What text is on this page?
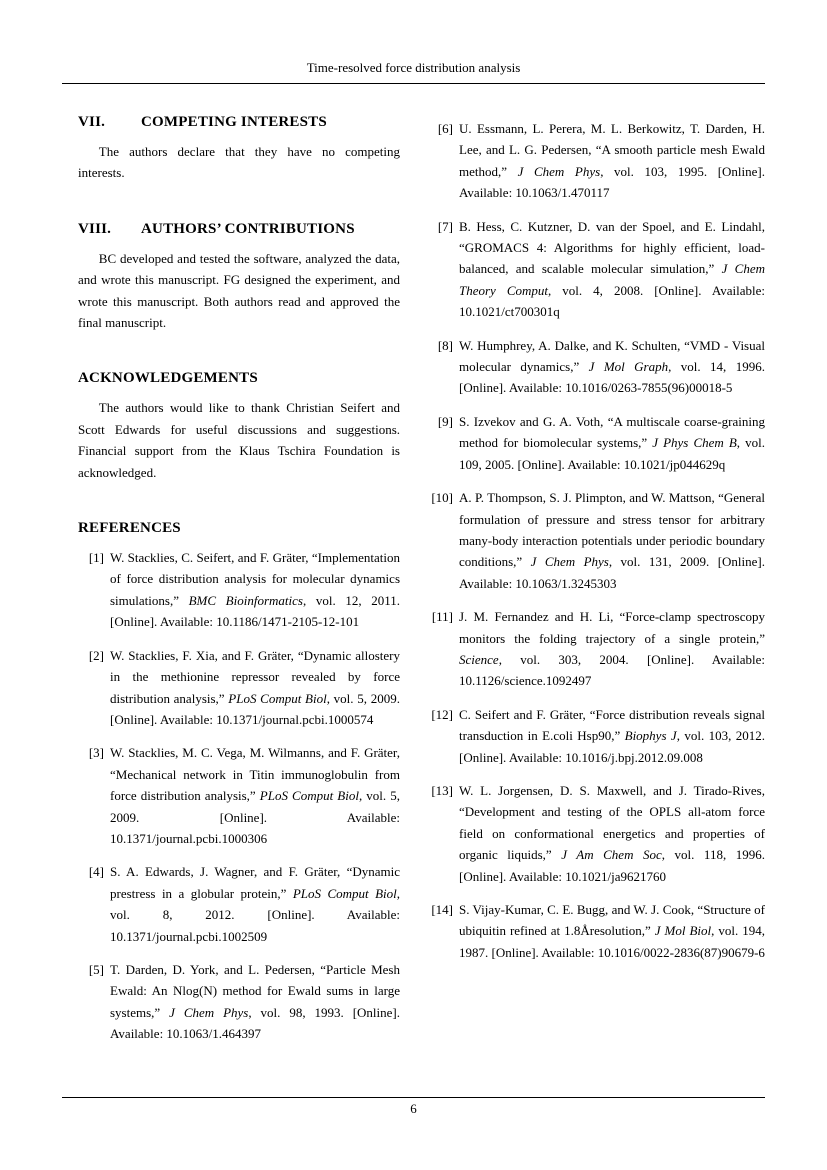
Time-resolved force distribution analysis
VII. COMPETING INTERESTS

The authors declare that they have no competing interests.

VIII. AUTHORS’ CONTRIBUTIONS

BC developed and tested the software, analyzed the data, and wrote this manuscript. FG designed the experiment, and wrote this manuscript. Both authors read and approved the final manuscript.

ACKNOWLEDGEMENTS

The authors would like to thank Christian Seifert and Scott Edwards for useful discussions and suggestions. Financial support from the Klaus Tschira Foundation is acknowledged.

REFERENCES
[1] W. Stacklies, C. Seifert, and F. Gräter, “Implementation of force distribution analysis for molecular dynamics simulations,” BMC Bioinformatics, vol. 12, 2011. [Online]. Available: 10.1186/1471-2105-12-101
[2] W. Stacklies, F. Xia, and F. Gräter, “Dynamic allostery in the methionine repressor revealed by force distribution analysis,” PLoS Comput Biol, vol. 5, 2009. [Online]. Available: 10.1371/journal.pcbi.1000574
[3] W. Stacklies, M. C. Vega, M. Wilmanns, and F. Gräter, “Mechanical network in Titin immunoglobulin from force distribution analysis,” PLoS Comput Biol, vol. 5, 2009. [Online]. Available: 10.1371/journal.pcbi.1000306
[4] S. A. Edwards, J. Wagner, and F. Gräter, “Dynamic prestress in a globular protein,” PLoS Comput Biol, vol. 8, 2012. [Online]. Available: 10.1371/journal.pcbi.1002509
[5] T. Darden, D. York, and L. Pedersen, “Particle Mesh Ewald: An Nlog(N) method for Ewald sums in large systems,” J Chem Phys, vol. 98, 1993. [Online]. Available: 10.1063/1.464397
[6] U. Essmann, L. Perera, M. L. Berkowitz, T. Darden, H. Lee, and L. G. Pedersen, “A smooth particle mesh Ewald method,” J Chem Phys, vol. 103, 1995. [Online]. Available: 10.1063/1.470117
[7] B. Hess, C. Kutzner, D. van der Spoel, and E. Lindahl, “GROMACS 4: Algorithms for highly efficient, load-balanced, and scalable molecular simulation,” J Chem Theory Comput, vol. 4, 2008. [Online]. Available: 10.1021/ct700301q
[8] W. Humphrey, A. Dalke, and K. Schulten, “VMD - Visual molecular dynamics,” J Mol Graph, vol. 14, 1996. [Online]. Available: 10.1016/0263-7855(96)00018-5
[9] S. Izvekov and G. A. Voth, “A multiscale coarse-graining method for biomolecular systems,” J Phys Chem B, vol. 109, 2005. [Online]. Available: 10.1021/jp044629q
[10] A. P. Thompson, S. J. Plimpton, and W. Mattson, “General formulation of pressure and stress tensor for arbitrary many-body interaction potentials under periodic boundary conditions,” J Chem Phys, vol. 131, 2009. [Online]. Available: 10.1063/1.3245303
[11] J. M. Fernandez and H. Li, “Force-clamp spectroscopy monitors the folding trajectory of a single protein,” Science, vol. 303, 2004. [Online]. Available: 10.1126/science.1092497
[12] C. Seifert and F. Gräter, “Force distribution reveals signal transduction in E.coli Hsp90,” Biophys J, vol. 103, 2012. [Online]. Available: 10.1016/j.bpj.2012.09.008
[13] W. L. Jorgensen, D. S. Maxwell, and J. Tirado-Rives, “Development and testing of the OPLS all-atom force field on conformational energetics and properties of organic liquids,” J Am Chem Soc, vol. 118, 1996. [Online]. Available: 10.1021/ja9621760
[14] S. Vijay-Kumar, C. E. Bugg, and W. J. Cook, “Structure of ubiquitin refined at 1.8Åresolution,” J Mol Biol, vol. 194, 1987. [Online]. Available: 10.1016/0022-2836(87)90679-6
6
